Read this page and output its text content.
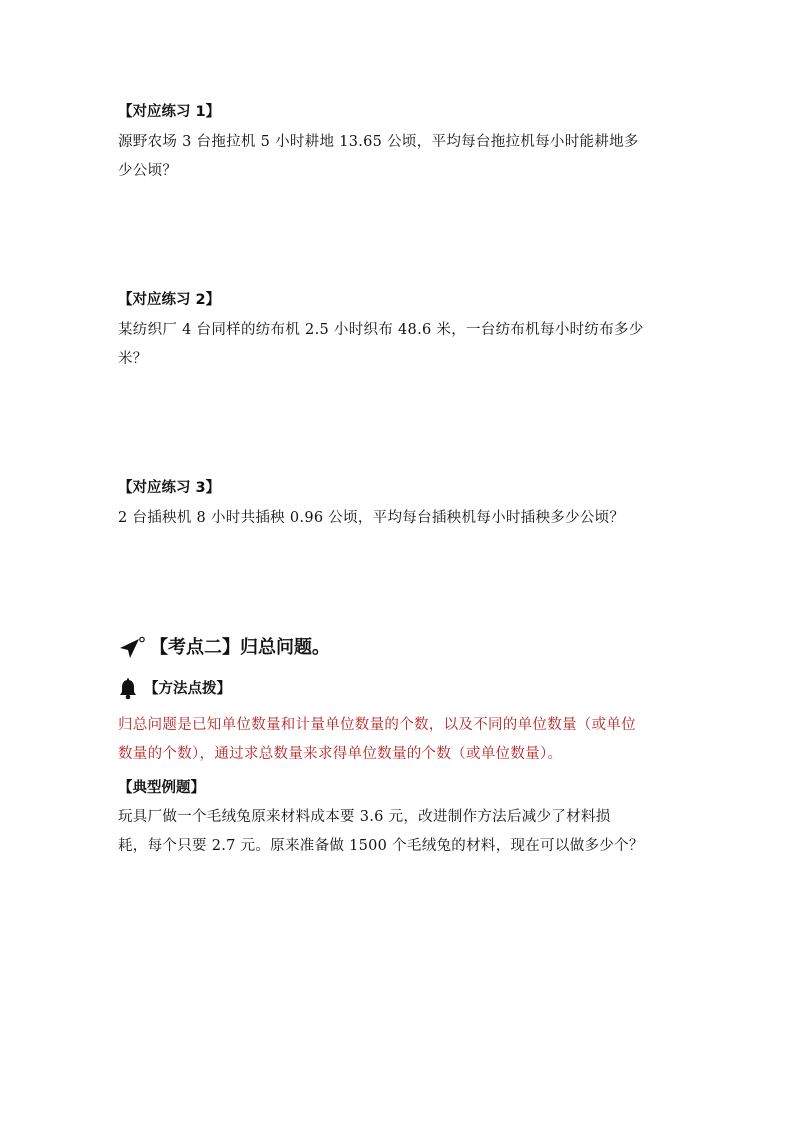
【对应练习 1】
源野农场 3 台拖拉机 5 小时耕地 13.65 公顷，平均每台拖拉机每小时能耕地多
少公顷？
【对应练习 2】
某纺织厂 4 台同样的纺布机 2.5 小时织布 48.6 米，一台纺布机每小时纺布多少
米？
【对应练习 3】
2 台插秧机 8 小时共插秧 0.96 公顷，平均每台插秧机每小时插秧多少公顷？
【考点二】归总问题。
【方法点拨】
归总问题是已知单位数量和计量单位数量的个数，以及不同的单位数量（或单位
数量的个数），通过求总数量来求得单位数量的个数（或单位数量）。
【典型例题】
玩具厂做一个毛绒兔原来材料成本要 3.6 元，改进制作方法后减少了材料损
耗，每个只要 2.7 元。原来准备做 1500 个毛绒兔的材料，现在可以做多少个？
